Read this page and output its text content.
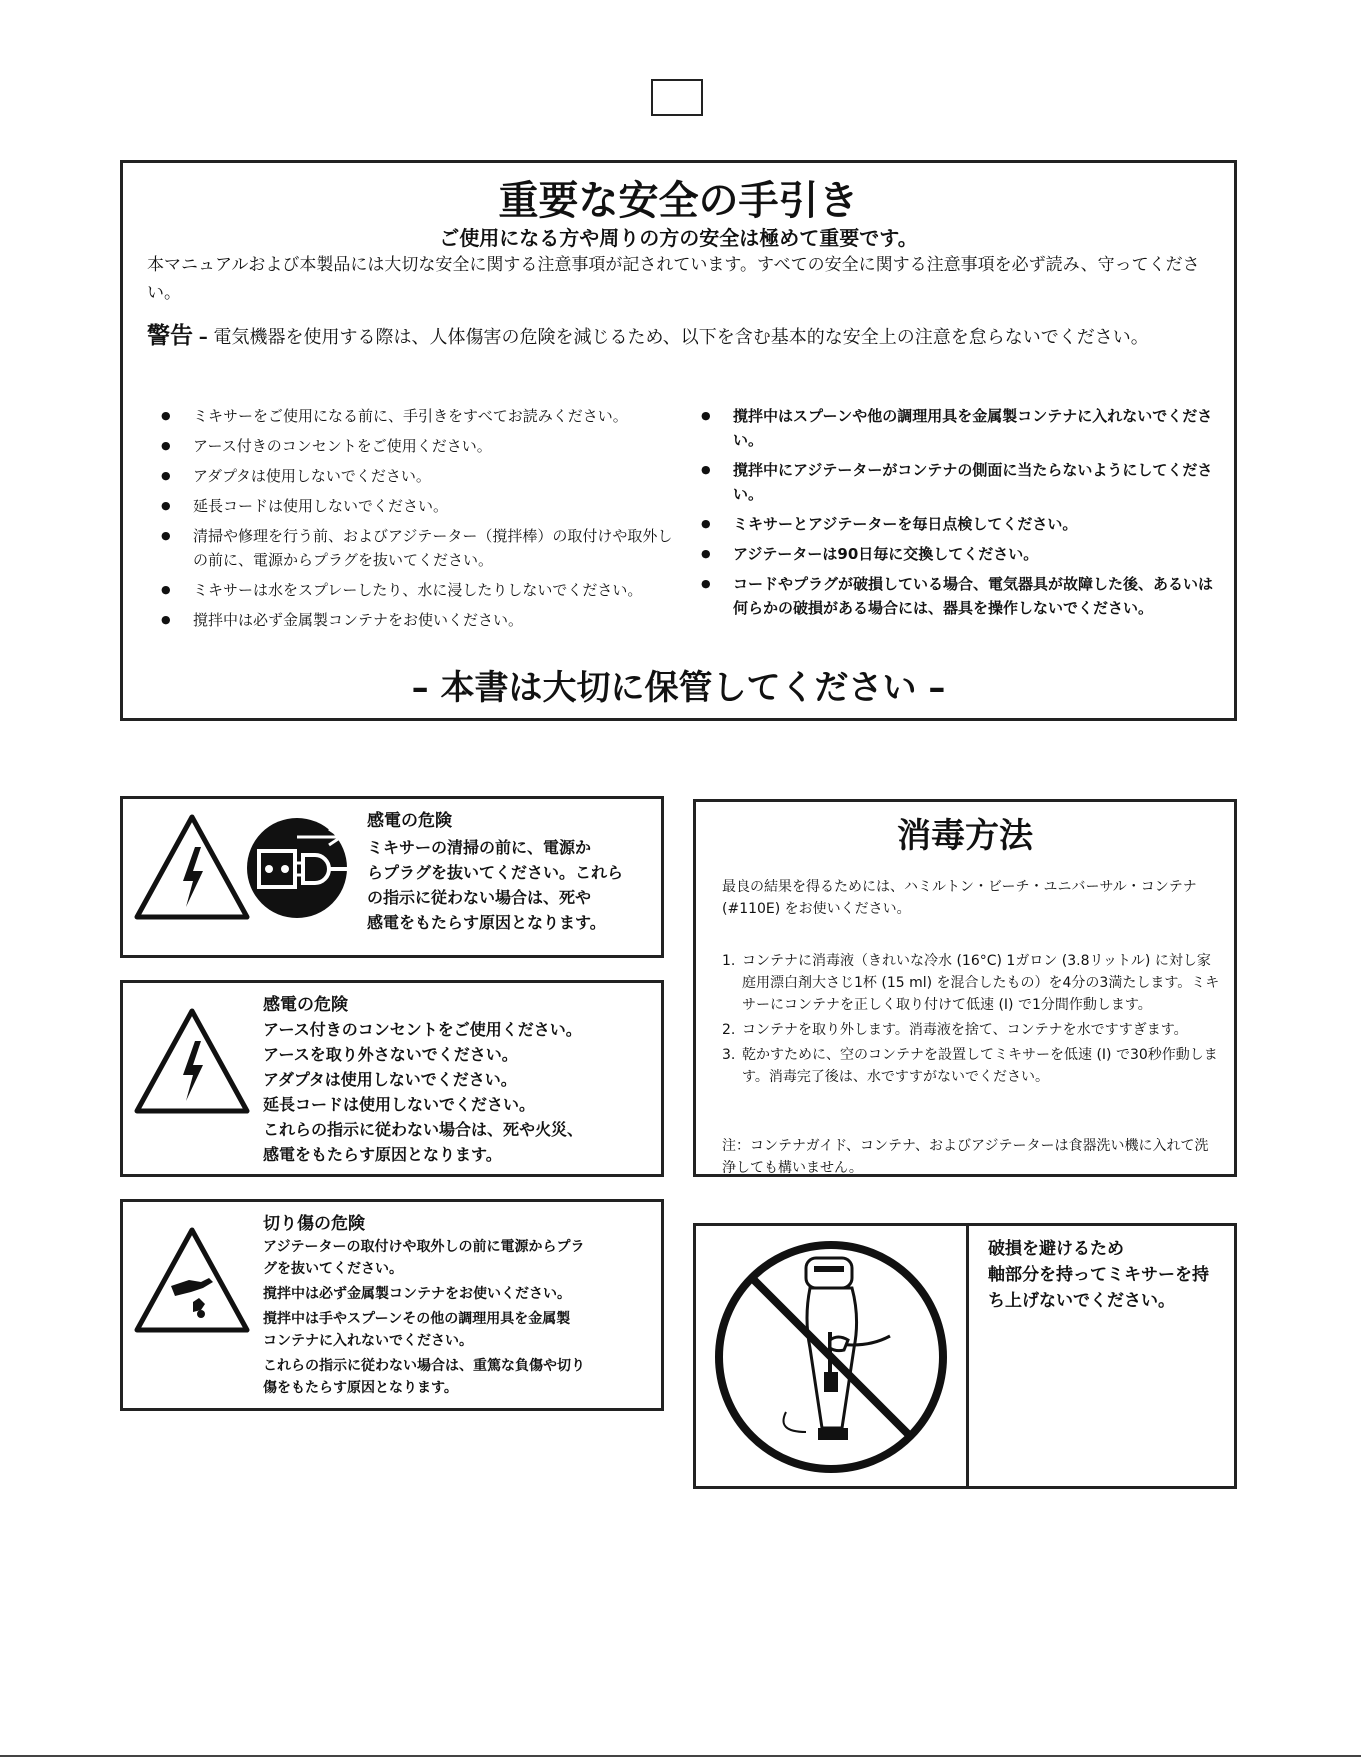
重要な安全の手引き
ご使用になる方や周りの方の安全は極めて重要です。
本マニュアルおよび本製品には大切な安全に関する注意事項が記されています。すべての安全に関する注意事項を必ず読み、守ってください。
警告 – 電気機器を使用する際は、人体傷害の危険を減じるため、以下を含む基本的な安全上の注意を怠らないでください。
● ミキサーをご使用になる前に、手引きをすべてお読みください。
● アース付きのコンセントをご使用ください。
● アダプタは使用しないでください。
● 延長コードは使用しないでください。
● 清掃や修理を行う前、およびアジテーター（撹拌棒）の取付けや取外しの前に、電源からプラグを抜いてください。
● ミキサーは水をスプレーしたり、水に浸したりしないでください。
● 撹拌中は必ず金属製コンテナをお使いください。
● 撹拌中はスプーンや他の調理用具を金属製コンテナに入れないでください。
● 撹拌中にアジテーターがコンテナの側面に当たらないようにしてください。
● ミキサーとアジテーターを毎日点検してください。
● アジテーターは90日毎に交換してください。
● コードやプラグが破損している場合、電気器具が故障した後、あるいは何らかの破損がある場合には、器具を操作しないでください。
– 本書は大切に保管してください –
感電の危険
ミキサーの清掃の前に、電源か
らプラグを抜いてください。これら
の指示に従わない場合は、死や
感電をもたらす原因となります。
感電の危険
アース付きのコンセントをご使用ください。
アースを取り外さないでください。
アダプタは使用しないでください。
延長コードは使用しないでください。
これらの指示に従わない場合は、死や火災、
感電をもたらす原因となります。
切り傷の危険
アジテーターの取付けや取外しの前に電源からプラ
グを抜いてください。
撹拌中は必ず金属製コンテナをお使いください。
撹拌中は手やスプーンその他の調理用具を金属製
コンテナに入れないでください。
これらの指示に従わない場合は、重篤な負傷や切り
傷をもたらす原因となります。
消毒方法
最良の結果を得るためには、ハミルトン・ビーチ・ユニバーサル・コンテナ (#110E) をお使いください。
1. コンテナに消毒液（きれいな冷水 (16°C) 1ガロン (3.8リットル) に対し家庭用漂白剤大さじ1杯 (15 ml) を混合したもの）を4分の3満たします。ミキサーにコンテナを正しく取り付けて低速 (I) で1分間作動します。
2. コンテナを取り外します。消毒液を捨て、コンテナを水ですすぎます。
3. 乾かすために、空のコンテナを設置してミキサーを低速 (I) で30秒作動します。消毒完了後は、水ですすがないでください。
注：コンテナガイド、コンテナ、およびアジテーターは食器洗い機に入れて洗浄しても構いません。
破損を避けるため
軸部分を持ってミキサーを持ち上げないでください。
